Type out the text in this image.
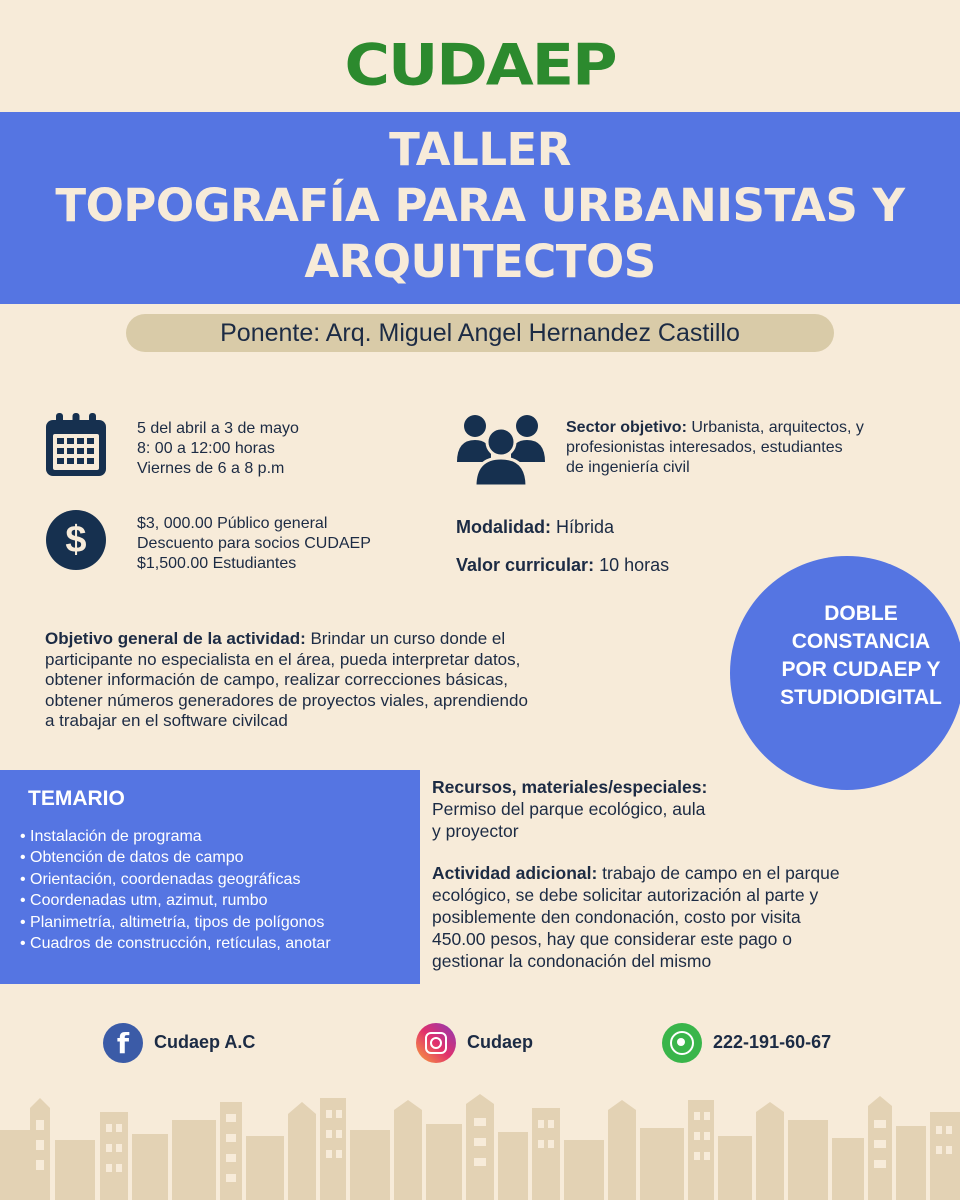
CUDAEP
TALLER
TOPOGRAFÍA PARA URBANISTAS Y
ARQUITECTOS
Ponente: Arq. Miguel Angel Hernandez Castillo
5 del abril a 3 de mayo
8: 00 a 12:00 horas
Viernes de 6 a 8 p.m
$	$3, 000.00 Público general
Descuento para socios CUDAEP
$1,500.00 Estudiantes
Sector objetivo: Urbanista, arquitectos, y
profesionistas interesados, estudiantes
de ingeniería civil
Modalidad: Híbrida
Valor curricular: 10 horas
DOBLE
CONSTANCIA
POR CUDAEP Y
STUDIODIGITAL
Objetivo general de la actividad: Brindar un curso donde el
participante no especialista en el área, pueda interpretar datos,
obtener información de campo, realizar correcciones básicas,
obtener números generadores de proyectos viales, aprendiendo
a trabajar en el software civilcad
TEMARIO
• Instalación de programa
• Obtención de datos de campo
• Orientación, coordenadas geográficas
• Coordenadas utm, azimut, rumbo
• Planimetría, altimetría, tipos de polígonos
• Cuadros de construcción, retículas, anotar
Recursos, materiales/especiales:
Permiso del parque ecológico, aula
y proyector
Actividad adicional: trabajo de campo en el parque
ecológico, se debe solicitar autorización al parte y
posiblemente den condonación, costo por visita
450.00 pesos, hay que considerar este pago o
gestionar la condonación del mismo
f	Cudaep A.C	Cudaep	222-191-60-67
